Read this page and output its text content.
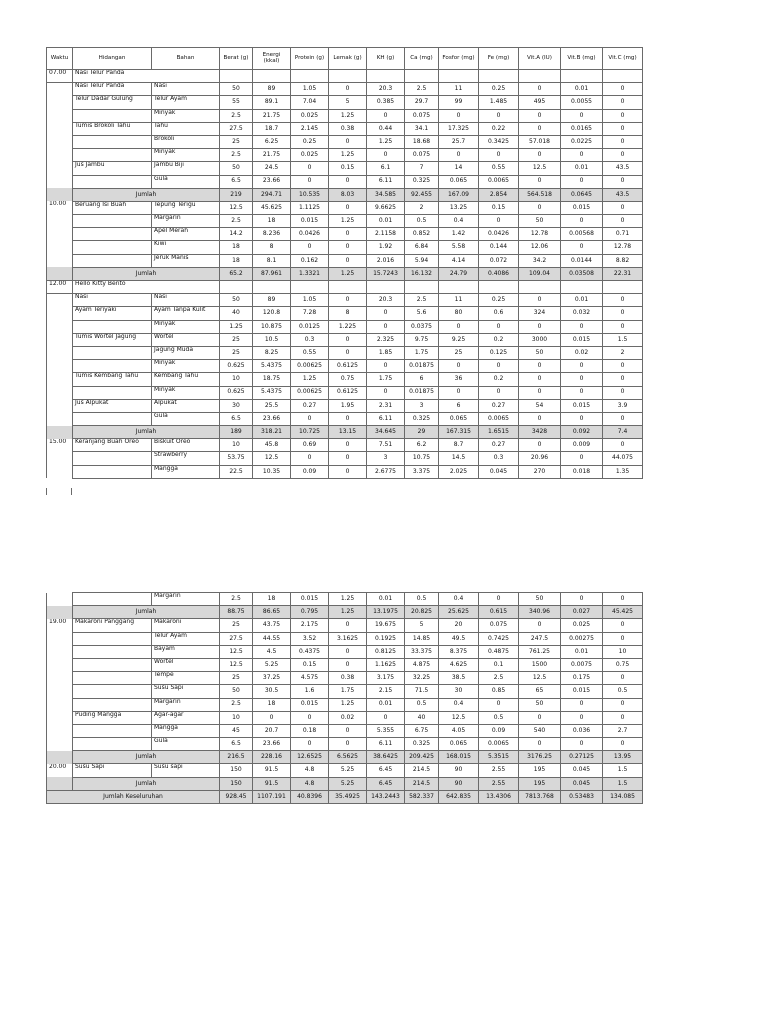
Waktu	Hidangan	Bahan	Berat (g)	Energi (kkal)	Protein (g)	Lemak (g)	KH (g)	Ca (mg)	Fosfor (mg)	Fe (mg)	Vit.A (IU)	Vit.B (mg)	Vit.C (mg)
07.00	Nasi Telur Panda												
	Nasi Telur Panda	Nasi	50	89	1.05	0	20.3	2.5	11	0.25	0	0.01	0
	Telur Dadar Gulung	Telur Ayam	55	89.1	7.04	5	0.385	29.7	99	1.485	495	0.0055	0
		Minyak	2.5	21.75	0.025	1.25	0	0.075	0	0	0	0	0
	Tumis Brokoli Tahu	Tahu	27.5	18.7	2.145	0.38	0.44	34.1	17.325	0.22	0	0.0165	0
		Brokoli	25	6.25	0.25	0	1.25	18.68	25.7	0.3425	57.018	0.0225	0
		Minyak	2.5	21.75	0.025	1.25	0	0.075	0	0	0	0	0
	Jus Jambu	Jambu Biji	50	24.5	0	0.15	6.1	7	14	0.55	12.5	0.01	43.5
		Gula	6.5	23.66	0	0	6.11	0.325	0.065	0.0065	0	0	0
	Jumlah		219	294.71	10.535	8.03	34.585	92.455	167.09	2.854	564.518	0.0645	43.5
10.00	Beruang Isi Buah	Tepung Terigu	12.5	45.625	1.1125	0	9.6625	2	13.25	0.15	0	0.015	0
		Margarin	2.5	18	0.015	1.25	0.01	0.5	0.4	0	50	0	0
		Apel Merah	14.2	8.236	0.0426	0	2.1158	0.852	1.42	0.0426	12.78	0.00568	0.71
		Kiwi	18	8	0	0	1.92	6.84	5.58	0.144	12.06	0	12.78
		Jeruk Manis	18	8.1	0.162	0	2.016	5.94	4.14	0.072	34.2	0.0144	8.82
	Jumlah		65.2	87.961	1.3321	1.25	15.7243	16.132	24.79	0.4086	109.04	0.03508	22.31
12.00	Hello Kitty Bento												
	Nasi	Nasi	50	89	1.05	0	20.3	2.5	11	0.25	0	0.01	0
	Ayam Teriyaki	Ayam Tanpa Kulit	40	120.8	7.28	8	0	5.6	80	0.6	324	0.032	0
		Minyak	1.25	10.875	0.0125	1.225	0	0.0375	0	0	0	0	0
	Tumis Wortel Jagung	Wortel	25	10.5	0.3	0	2.325	9.75	9.25	0.2	3000	0.015	1.5
		Jagung Muda	25	8.25	0.55	0	1.85	1.75	25	0.125	50	0.02	2
		Minyak	0.625	5.4375	0.00625	0.6125	0	0.01875	0	0	0	0	0
	Tumis Kembang Tahu	Kembang Tahu	10	18.75	1.25	0.75	1.75	6	36	0.2	0	0	0
		Minyak	0.625	5.4375	0.00625	0.6125	0	0.01875	0	0	0	0	0
	Jus Alpukat	Alpukat	30	25.5	0.27	1.95	2.31	3	6	0.27	54	0.015	3.9
		Gula	6.5	23.66	0	0	6.11	0.325	0.065	0.0065	0	0	0
	Jumlah		189	318.21	10.725	13.15	34.645	29	167.315	1.6515	3428	0.092	7.4
15.00	Keranjang Buah Oreo	Biskuit Oreo	10	45.8	0.69	0	7.51	6.2	8.7	0.27	0	0.009	0
		Strawberry	53.75	12.5	0	0	3	10.75	14.5	0.3	20.96	0	44.075
		Mangga	22.5	10.35	0.09	0	2.6775	3.375	2.025	0.045	270	0.018	1.35
		Margarin	2.5	18	0.015	1.25	0.01	0.5	0.4	0	50	0	0
	Jumlah		88.75	86.65	0.795	1.25	13.1975	20.825	25.625	0.615	340.96	0.027	45.425
19.00	Makaroni Panggang	Makaroni	25	43.75	2.175	0	19.675	5	20	0.075	0	0.025	0
		Telur Ayam	27.5	44.55	3.52	3.1625	0.1925	14.85	49.5	0.7425	247.5	0.00275	0
		Bayam	12.5	4.5	0.4375	0	0.8125	33.375	8.375	0.4875	761.25	0.01	10
		Wortel	12.5	5.25	0.15	0	1.1625	4.875	4.625	0.1	1500	0.0075	0.75
		Tempe	25	37.25	4.575	0.38	3.175	32.25	38.5	2.5	12.5	0.175	0
		Susu Sapi	50	30.5	1.6	1.75	2.15	71.5	30	0.85	65	0.015	0.5
		Margarin	2.5	18	0.015	1.25	0.01	0.5	0.4	0	50	0	0
	Puding Mangga	Agar-agar	10	0	0	0.02	0	40	12.5	0.5	0	0	0
		Mangga	45	20.7	0.18	0	5.355	6.75	4.05	0.09	540	0.036	2.7
		Gula	6.5	23.66	0	0	6.11	0.325	0.065	0.0065	0	0	0
	Jumlah		216.5	228.16	12.6525	6.5625	38.6425	209.425	168.015	5.3515	3176.25	0.27125	13.95
20.00	Susu Sapi	Susu sapi	150	91.5	4.8	5.25	6.45	214.5	90	2.55	195	0.045	1.5
	Jumlah		150	91.5	4.8	5.25	6.45	214.5	90	2.55	195	0.045	1.5
Jumlah Keseluruhan			928.45	1107.191	40.8396	35.4925	143.2443	582.337	642.835	13.4306	7813.768	0.53483	134.085
